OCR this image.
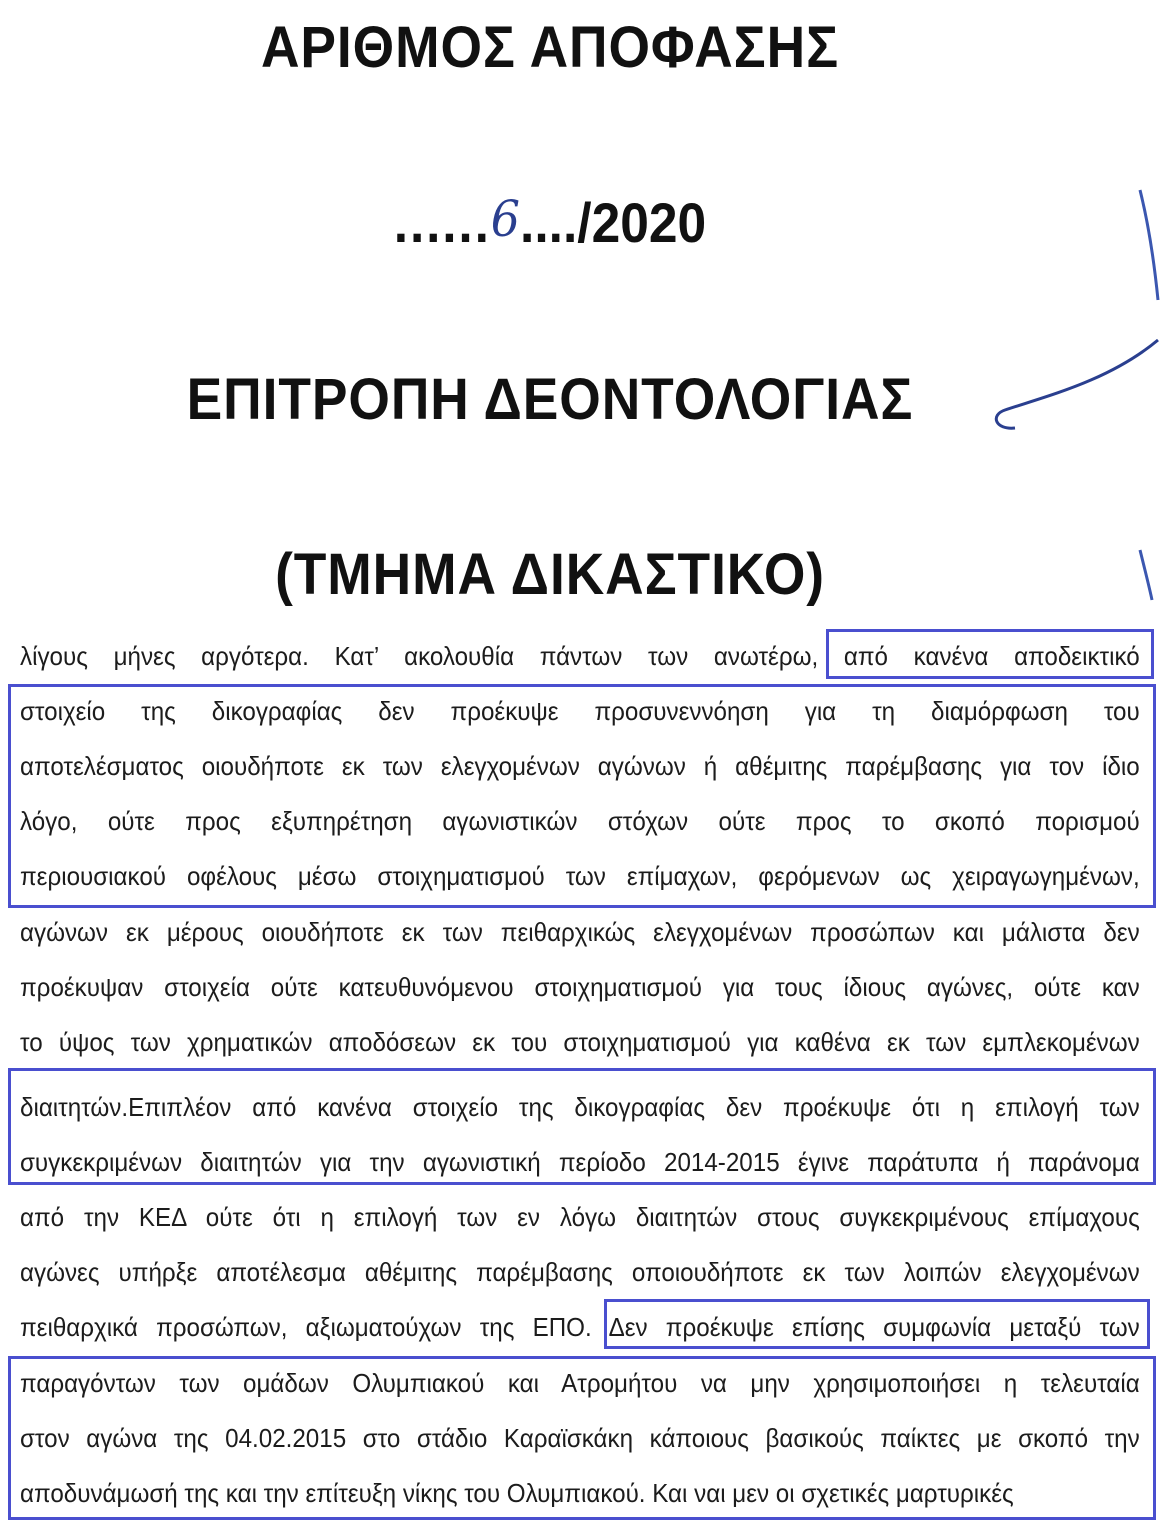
ΑΡΙΘΜΟΣ ΑΠΟΦΑΣΗΣ
......6..../2020
ΕΠΙΤΡΟΠΗ ΔΕΟΝΤΟΛΟΓΙΑΣ
(ΤΜΗΜΑ ΔΙΚΑΣΤΙΚΟ)
λίγους μήνες αργότερα. Κατ’ ακολουθία πάντων των ανωτέρω, από κανένα αποδεικτικό
στοιχείο της δικογραφίας δεν προέκυψε προσυνεννόηση για τη διαμόρφωση του
αποτελέσματος οιουδήποτε εκ των ελεγχομένων αγώνων ή αθέμιτης παρέμβασης για τον ίδιο
λόγο, ούτε προς εξυπηρέτηση αγωνιστικών στόχων ούτε προς το σκοπό πορισμού
περιουσιακού οφέλους μέσω στοιχηματισμού των επίμαχων, φερόμενων ως χειραγωγημένων,
αγώνων εκ μέρους οιουδήποτε εκ των πειθαρχικώς ελεγχομένων προσώπων και μάλιστα δεν
προέκυψαν στοιχεία ούτε κατευθυνόμενου στοιχηματισμού για τους ίδιους αγώνες, ούτε καν
το ύψος των χρηματικών αποδόσεων εκ του στοιχηματισμού για καθένα εκ των εμπλεκομένων
διαιτητών.Επιπλέον από κανένα στοιχείο της δικογραφίας δεν προέκυψε ότι η επιλογή των
συγκεκριμένων διαιτητών για την αγωνιστική περίοδο 2014-2015 έγινε παράτυπα ή παράνομα
από την ΚΕΔ ούτε ότι η επιλογή των εν λόγω διαιτητών στους συγκεκριμένους επίμαχους
αγώνες υπήρξε αποτέλεσμα αθέμιτης παρέμβασης οποιουδήποτε εκ των λοιπών ελεγχομένων
πειθαρχικά προσώπων, αξιωματούχων της ΕΠΟ. Δεν προέκυψε επίσης συμφωνία μεταξύ των
παραγόντων των ομάδων Ολυμπιακού και Ατρομήτου να μην χρησιμοποιήσει η τελευταία
στον αγώνα της 04.02.2015 στο στάδιο Καραϊσκάκη κάποιους βασικούς παίκτες με σκοπό την
αποδυνάμωσή της και την επίτευξη νίκης του Ολυμπιακού. Και ναι μεν οι σχετικές μαρτυρικές
